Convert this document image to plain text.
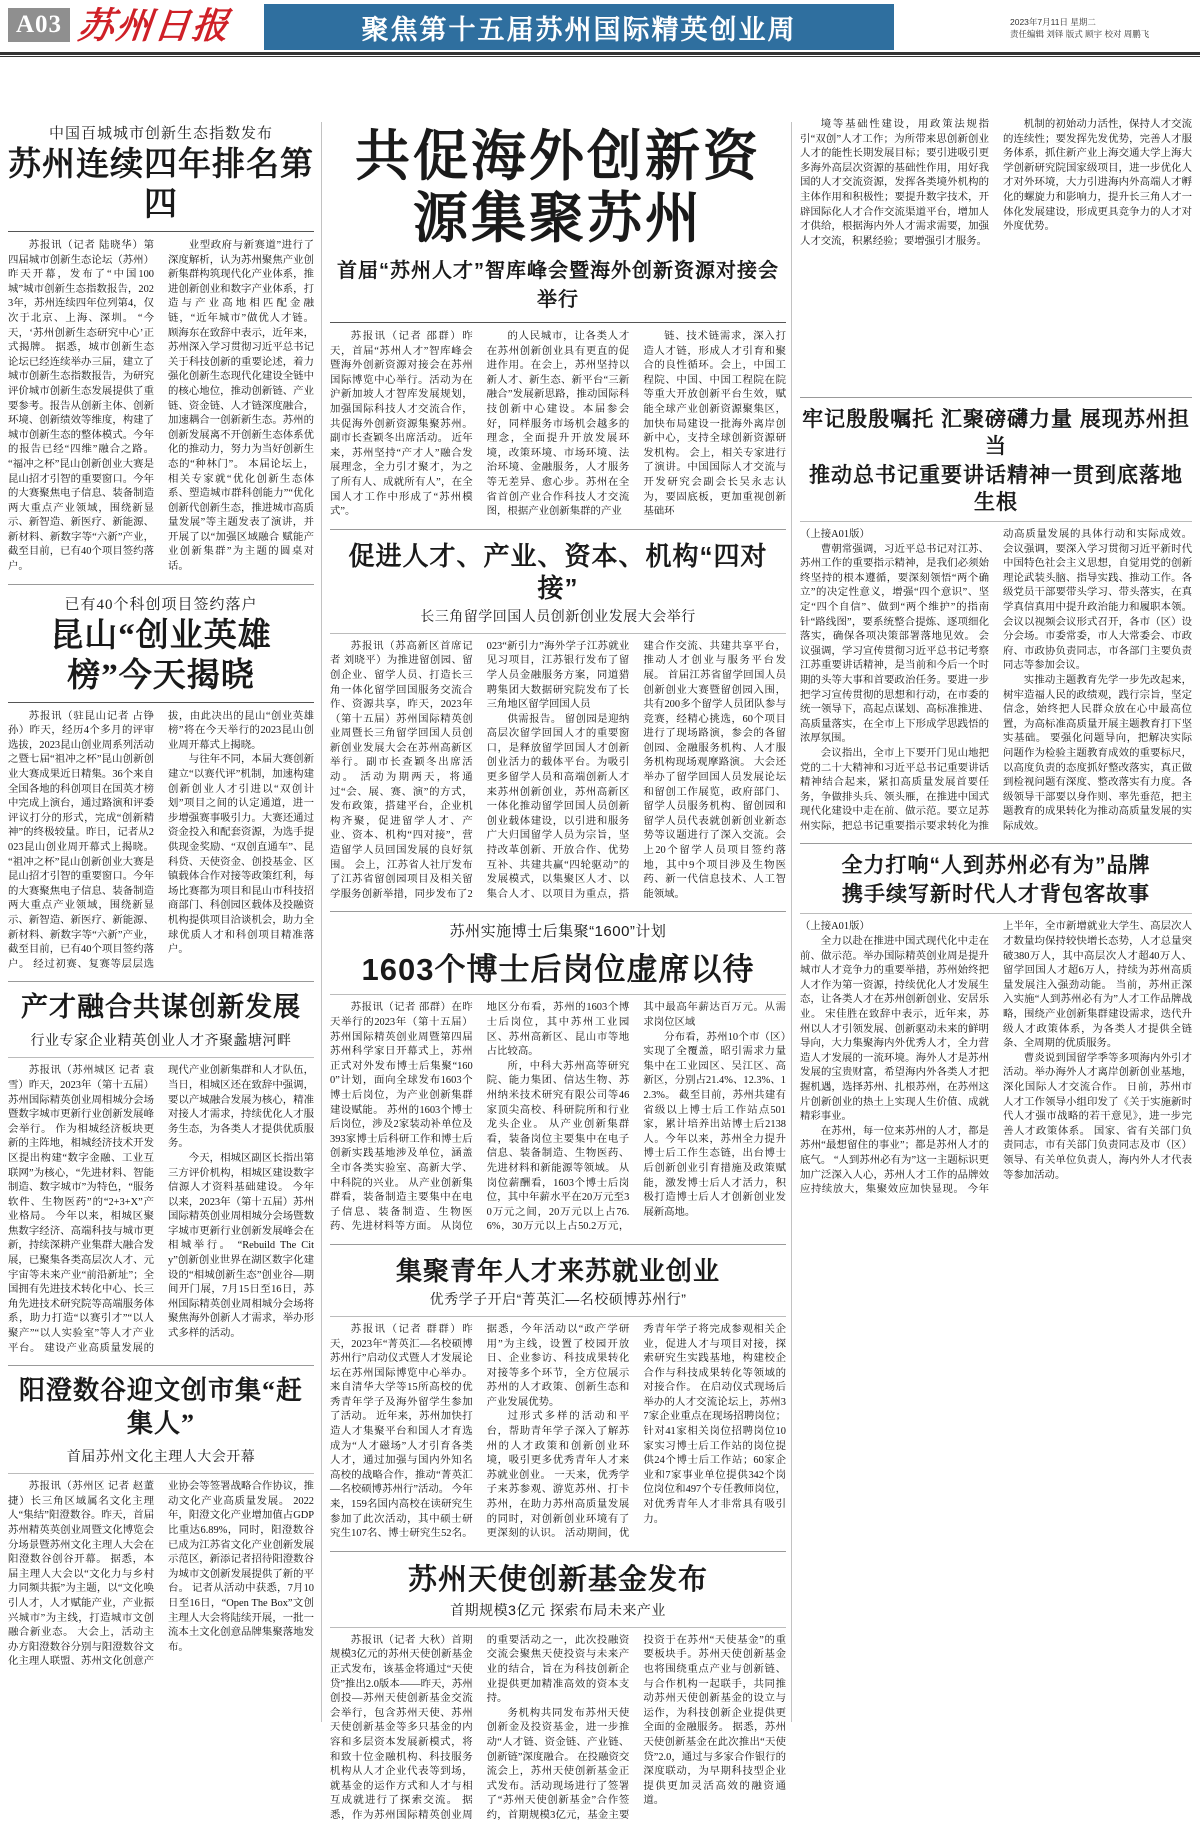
A03 苏州日报	聚焦第十五届苏州国际精英创业周	2023年7月11日 星期二
责任编辑 刘铎 版式 顾宇 校对 周鹏飞
中国百城城市创新生态指数发布
苏州连续四年排名第四

苏报讯（记者 陆晓华）第四届城市创新生态论坛（苏州）昨天开幕，发布了“中国100城”城市创新生态指数报告，2023年，苏州连续四年位列第4，仅次于北京、上海、深圳。 “今天，‘苏州创新生态研究中心’正式揭牌。 据悉，城市创新生态论坛已经连续举办三届，建立了城市创新生态指数报告，为研究评价城市创新生态发展提供了重要参考。报告从创新主体、创新环境、创新绩效等维度，构建了城市创新生态的整体模式。今年的报告已经“四维”融合之路。 “福冲之杯”昆山创新创业大赛是昆山招才引智的重要窗口。今年的大赛聚焦电子信息、装备制造两大重点产业领域，围绕新显示、新智造、新医疗、新能源、新材料、新数字等“六新”产业，截至目前，已有40个项目签约落户。

业型政府与新赛道”进行了深度解析，认为苏州聚焦产业创新集群构筑现代化产业体系，推进创新创业和数字产业体系，打造与产业高地相匹配金融链，“近年城市”做优人才链。 顾海东在致辞中表示，近年来，苏州深入学习贯彻习近平总书记关于科技创新的重要论述，着力强化创新生态现代化建设全链中的核心地位，推动创新链、产业链、资金链、人才链深度融合，加速耦合一创新新生态。苏州的创新发展离不开创新生态体系优化的推动力，努力为当好创新生态的“种林门”。 本届论坛上，相关专家就“优化创新生态体系、塑造城市群科创能力”“优化创新代创新生态，推进城市高质量发展”等主题发表了演讲，并开展了以“加强区域融合 赋能产业创新集群”为主题的圆桌对话。

已有40个科创项目签约落户
昆山“创业英雄榜”今天揭晓

苏报讯（驻昆山记者 占铮孙）昨天，经历4个多月的评审选拔，2023昆山创业周系列活动之暨七届“祖冲之杯”昆山创新创业大赛成果近日精集。36个来自全国各地的科创项目在国英才榜中完成上演台，通过路演和评委评议打分的形式，完成“创新精神”的终极较量。昨日，记者从2023昆山创业周开幕式上揭晓。 “祖冲之杯”昆山创新创业大赛是昆山招才引智的重要窗口。今年的大赛聚焦电子信息、装备制造两大重点产业领域，围绕新显示、新智造、新医疗、新能源、新材料、新数字等“六新”产业，截至目前，已有40个项目签约落户。 经过初赛、复赛等层层选拔，由此决出的昆山“创业英雄榜”将在今天举行的2023昆山创业周开幕式上揭晓。

与往年不同，本届大赛创新建立“以赛代评”机制，加速构建创新创业人才引进以“双创计划”项目之间的认定通道，进一步增强赛事吸引力。大赛还通过资金投入和配套资源，为选手提供现金奖励、“双创直通车”、昆科贷、天使资金、创投基金、区镇载体合作对接等政策红利，每场比赛都为项目和昆山市科技招商部门、科创园区载体及投融资机构提供项目洽谈机会，助力全球优质人才和科创项目精准落户。

产才融合共谋创新发展
行业专家企业精英创业人才齐聚蠡塘河畔

苏报讯（苏州城区 记者 袁雪）昨天，2023年（第十五届）苏州国际精英创业周相城分会场暨数字城市更新行业创新发展峰会举行。 作为相城经济板块更新的主阵地，相城经济技术开发区提出构建“数字金融、工业互联网”为核心，“先进材料、智能制造、数字城市”为特色，“服务软件、生物医药”的“2+3+X”产业格局。 今年以来，相城区聚焦数字经济、高端科技与城市更新，持续深耕产业集群大融合发展，已聚集各类高层次人才、元宇宙等未来产业“前沿新址”；全国拥有先进技术转化中心、长三角先进技术研究院等高端服务体系，助力打造“以赛引才”“以人聚产”“以人实验室”等人才产业平台。 建设产业高质量发展的现代产业创新集群和人才队伍，当日，相城区还在致辞中强调，要以产城融合发展为核心，精准对接人才需求，持续优化人才服务生态，为各类人才提供优质服务。

今天，相城区副区长指出第三方评价机构，相城区建设数字信源人才资料基础建设。 今年以来，2023年（第十五届）苏州国际精英创业周相城分会场暨数字城市更新行业创新发展峰会在相城举行。 “Rebuild The City”创新创业世界在湖区数字化建设的“相城创新生态”创业谷—期间开门展，7月15日至16日，苏州国际精英创业周相城分会场将聚焦海外创新人才需求，举办形式多样的活动。

阳澄数谷迎文创市集“赶集人”
首届苏州文化主理人大会开幕

苏报讯（苏州区 记者 赵董捷）长三角区域属名文化主理人“集结”阳澄数谷。昨天，首届苏州精英英创业周暨文化博览会分场景暨苏州文化主理人大会在阳澄数谷创谷开幕。 据悉，本届主理人大会以“文化力与乡村力同频共振”为主题，以“文化唤引人才，人才赋能产业，产业振兴城市”为主线，打造城市文创融合新业态。 大会上，活动主办方阳澄数谷分别与阳澄数谷文化主理人联盟、苏州文化创意产业协会等签署战略合作协议，推动文化产业高质量发展。 2022年，阳澄文化产业增加值占GDP比重达6.89%，同时，阳澄数谷已成为江苏省文化产业创新发展示范区，新添记者招待阳澄数谷为城市文创新发展提供了新的平台。 记者从活动中获悉，7月10日至16日，“Open The Box”文创主理人大会将陆续开展，一批一流本土文化创意品牌集聚落地发布。

共促海外创新资源集聚苏州
首届“苏州人才”智库峰会暨海外创新资源对接会举行

苏报讯（记者 邵群）昨天，首届“苏州人才”智库峰会暨海外创新资源对接会在苏州国际博览中心举行。活动为在沪新加坡人才智库发展规划，加强国际科技人才交流合作，共促海外创新资源集聚苏州。副市长查颖冬出席活动。 近年来，苏州坚持“产才人”融合发展理念，全力引才聚才，为之了所有人、成就所有人”，在全国人才工作中形成了“苏州模式”。

的人民城市，让各类人才在苏州创新创业具有更直的促进作用。在会上，苏州坚持以新人才、新生态、新平台“三新融合”发展新思路，推动国际科技创新中心建设。本届参会好，同样服务市场机会越多的理念，全面提升开放发展环境，改策环境、市场环境、法治环境、金融服务，人才服务等无差异、愈心步。苏州在全省首创产业合作科技人才交流图，根据产业创新集群的产业

链、技术链需求，深入打造人才链，形成人才引育和聚合的良性循环。会上，中国工程院、中国、中国工程院在院等重大开放创新平台生效，赋能全球产业创新资源聚集区，加快布局建设一批海外离岸创新中心，支持全球创新资源研发机构。 会上，相关专家进行了演讲。中国国际人才交流与开发研究会副会长吴永志认为，要固底板，更加重视创新基础环

促进人才、产业、资本、机构“四对接”
长三角留学回国人员创新创业发展大会举行

苏报讯（苏高新区首席记者 刘晓平）为推进留创园、留创企业、留学人员、打造长三角一体化留学回国服务交流合作、资源共享，昨天，2023年（第十五届）苏州国际精英创业周暨长三角留学回国人员创新创业发展大会在苏州高新区举行。副市长查颖冬出席活动。 活动为期两天，将通过“会、展、赛、演”的方式，发布政策，搭建平台，企业机构齐聚，促进留学人才、产业、资本、机构“四对接”，营造留学人员回国发展的良好氛围。 会上，江苏省人社厅发布了江苏省留创园项目及相关留学服务创新举措，同步发布了2023“新引力”海外学子江苏就业见习项目，江苏银行发布了留学人员金融服务方案，同道猎聘集团大数据研究院发布了长三角地区留学回国人员

供需报告。 留创园是迎纳高层次留学回国人才的重要窗口，是释放留学回国人才创新创业活力的载体平台。为吸引更多留学人员和高端创新人才来苏州创新创业，苏州高新区一体化推动留学回国人员创新创业载体建设，以引进和服务广大归国留学人员为宗旨，坚持改革创新、开放合作、优势互补、共建共赢“四轮驱动”的发展模式，以集聚区人才、以集合人才、以项目为重点，搭建合作交流、共建共享平台，推动人才创业与服务平台发展。 首届江苏省留学回国人员创新创业大赛暨留创园入围，共有200多个留学人员团队参与竞赛，经精心挑选，60个项目进行了现场路演，参会的各留创园、金融服务机构、人才服务机构现场观摩路演。 大会还举办了留学回国人员发展论坛和留创工作展览，政府部门、留学人员服务机构、留创园和留学人员代表就创新创业新态势等议题进行了深入交流。会上20个留学人员项目签约落地，其中9个项目涉及生物医药、新一代信息技术、人工智能领域。

苏州实施博士后集聚“1600”计划
1603个博士后岗位虚席以待

苏报讯（记者 邵群）在昨天举行的2023年（第十五届）苏州国际精英创业周暨第四届苏州科学家日开幕式上，苏州正式对外发布博士后集聚“1600”计划，面向全球发布1603个博士后岗位，为产业创新集群建设赋能。 苏州的1603个博士后岗位，涉及2家装动补单位及393家博士后科研工作和博士后创新实践基地涉及单位，涵盖全市各类实验室、高新大学、中科院的兴业。 从产业创新集群看，装备制造主要集中在电子信息、装备制造、生物医药、先进材料等方面。 从岗位地区分布看，苏州的1603个博士后岗位，其中苏州工业园区、苏州高新区、昆山市等地占比较高。

所，中科大苏州高等研究院、能力集团、信达生物、苏州纳米技术研究有限公司等46家顶尖高校、科研院所和行业龙头企业。 从产业创新集群看，装备岗位主要集中在电子信息、装备制造、生物医药、先进材料和新能源等领域。 从岗位薪酬看，1603个博士后岗位，其中年薪水平在20万元至30万元之间，20万元以上占76.6%，30万元以上占50.2万元，其中最高年薪达百万元。从需求岗位区域

分布看，苏州10个市（区）实现了全覆盖，昭引需求力量集中在工业园区、吴江区、高新区，分别占21.4%、12.3%、12.3%。 截至目前，苏州共建有省级以上博士后工作站点501家，累计培养出站博士后2138人。今年以来，苏州全力提升博士后工作生态链，出台博士后创新创业引育措施及政策赋能，激发博士后人才活力，积极打造博士后人才创新创业发展新高地。

集聚青年人才来苏就业创业
优秀学子开启“菁英汇—名校硕博苏州行”

苏报讯（记者 群群）昨天，2023年“菁英汇—名校硕博苏州行”启动仪式暨人才发展论坛在苏州国际博览中心举办。来自清华大学等15所高校的优秀青年学子及海外留学生参加了活动。 近年来，苏州加快打造人才集聚平台和国人才育选成为“人才磁场”人才引育各类人才，通过加强与国内外知名高校的战略合作，推动“菁英汇—名校硕博苏州行”活动。 今年来，159名国内高校在读研究生参加了此次活动，其中硕士研究生107名、博士研究生52名。 据悉，今年活动以“政产学研用”为主线，设置了校园开放日、企业参访、科技成果转化对接等多个环节，全方位展示苏州的人才政策、创新生态和产业发展优势。

过形式多样的活动和平台，帮助青年学子深入了解苏州的人才政策和创新创业环境，吸引更多优秀青年人才来苏就业创业。 一天来，优秀学子来苏参观、游览苏州、打卡苏州，在助力苏州高质量发展的同时，对创新创业环境有了更深刻的认识。 活动期间，优秀青年学子将完成参观相关企业，促进人才与项目对接，探索研究生实践基地，构建校企合作与科技成果转化等领域的对接合作。 在启动仪式现场后举办的人才交流论坛上，苏州37家企业重点在现场招聘岗位；针对41家相关岗位招聘岗位10家实习博士后工作站的岗位提供24个博士后工作站；60家企业和7家事业单位提供342个岗位岗位和497个专任教师岗位，对优秀青年人才非常具有吸引力。

苏州天使创新基金发布
首期规模3亿元 探索布局未来产业

苏报讯（记者 大秋）首期规模3亿元的苏州天使创新基金正式发布，该基金将通过“天使贷”推出2.0版本——昨天，苏州创投—苏州天使创新基金交流会举行，包含苏州天使、苏州天使创新基金等多只基金的内容和多层资本发展新模式，将和致十位金融机构、科技服务机构从人才企业代表等到场，就基金的运作方式和人才与相互成就进行了探索交流。 据悉，作为苏州国际精英创业周的重要活动之一，此次投融资交流会聚焦天使投资与未来产业的结合，旨在为科技创新企业提供更加精准高效的资本支持。

务机构共同发布苏州天使创新金及投资基金，进一步推动“人才链、资金链、产业链、创新链”深度融合。 在投融资交流会上，苏州天使创新基金正式发布。活动现场进行了签署了“苏州天使创新基金”合作签约，首期规模3亿元，基金主要投资于在苏州“天使基金”的重要板块手。苏州天使创新基金也将围绕重点产业与创新链、与合作机构一起联手，共同推动苏州天使创新基金的设立与运作，为科技创新企业提供更全面的金融服务。 据悉，苏州天使创新基金在此次推出“天使贷”2.0，通过与多家合作银行的深度联动，为早期科技型企业提供更加灵活高效的融资通道。

境等基础性建设，用政策法规指引“双创”人才工作；为所带来思创新创业人才的能性长期发展目标；要引进吸引更多海外高层次资源的基础性作用，用好我国的人才交流资源，发挥各类境外机构的主体作用和积极性；要提升数字技术，开辟国际化人才合作交流渠道平台，增加人才供给，根据海内外人才需求需要，加强人才交流，积累经验；要增强引才服务。

机制的初始动力活性，保持人才交流的连续性；要发挥先发优势，完善人才服务体系，抓住新产业上海交通大学上海大学创新研究院国家级项目，进一步优化人才对外环境，大力引进海内外高端人才孵化的螺旋力和影响力，提升长三角人才一体化发展建设，形成更具竞争力的人才对外度优势。

牢记殷殷嘱托 汇聚磅礴力量 展现苏州担当
推动总书记重要讲话精神一贯到底落地生根

（上接A01版）

曹朝常强调，习近平总书记对江苏、苏州工作的重要指示精神，是我们必须始终坚持的根本遵循，要深刻领悟“两个确立”的决定性意义，增强“四个意识”、坚定“四个自信”、做到“两个维护”的指南针“路线图”，要系统整合提炼、逐项细化落实，确保各项决策部署落地见效。 会议强调，学习宣传贯彻习近平总书记考察江苏重要讲话精神，是当前和今后一个时期的头等大事和首要政治任务。要进一步把学习宣传贯彻的思想和行动，在市委的统一领导下，高起点谋划、高标准推进、高质量落实，在全市上下形成学思践悟的浓厚氛围。

会议指出，全市上下要开门见山地把党的二十大精神和习近平总书记重要讲话精神结合起来，紧扣高质量发展首要任务，争做排头兵、领头雁，在推进中国式现代化建设中走在前、做示范。要立足苏州实际，把总书记重要指示要求转化为推动高质量发展的具体行动和实际成效。 会议强调，要深入学习贯彻习近平新时代中国特色社会主义思想，自觉用党的创新理论武装头脑、指导实践、推动工作。各级党员干部要带头学习、带头落实，在真学真信真用中提升政治能力和履职本领。 会议以视频会议形式召开，各市（区）设分会场。市委常委，市人大常委会、市政府、市政协负责同志，市各部门主要负责同志等参加会议。

实推动主题教育先学一步先改起来，树牢造福人民的政绩观，践行宗旨，坚定信念，始终把人民群众放在心中最高位置，为高标准高质量开展主题教育打下坚实基础。 要强化问题导向，把解决实际问题作为检验主题教育成效的重要标尺，以高度负责的态度抓好整改落实，真正做到检视问题有深度、整改落实有力度。各级领导干部要以身作则、率先垂范，把主题教育的成果转化为推动高质量发展的实际成效。

全力打响“人到苏州必有为”品牌
携手续写新时代人才背包客故事

（上接A01版）

全力以赴在推进中国式现代化中走在前、做示范。举办国际精英创业周是提升城市人才竞争力的重要举措，苏州始终把人才作为第一资源，持续优化人才发展生态，让各类人才在苏州创新创业、安居乐业。 宋佳胜在致辞中表示，近年来，苏州以人才引领发展、创新驱动未来的鲜明导向，大力集聚海内外优秀人才，全力营造人才发展的一流环境。海外人才是苏州发展的宝贵财富，希望海内外各类人才把握机遇，选择苏州、扎根苏州，在苏州这片创新创业的热土上实现人生价值、成就精彩事业。

在苏州，每一位来苏州的人才，都是苏州“最想留住的事业”；都是苏州人才的底气。 “人到苏州必有为”这一主题标识更加广泛深入人心，苏州人才工作的品牌效应持续放大，集聚效应加快显现。 今年上半年，全市新增就业大学生、高层次人才数量均保持较快增长态势，人才总量突破380万人，其中高层次人才超40万人、留学回国人才超6万人，持续为苏州高质量发展注入强劲动能。 当前，苏州正深入实施“人到苏州必有为”人才工作品牌战略，围绕产业创新集群建设需求，迭代升级人才政策体系，为各类人才提供全链条、全周期的优质服务。

曹炎说到国留学季等多项海内外引才活动。举办海外人才离岸创新创业基地，深化国际人才交流合作。 日前，苏州市人才工作领导小组印发了《关于实施新时代人才强市战略的若干意见》，进一步完善人才政策体系。 国家、省有关部门负责同志，市有关部门负责同志及市（区）领导、有关单位负责人，海内外人才代表等参加活动。
